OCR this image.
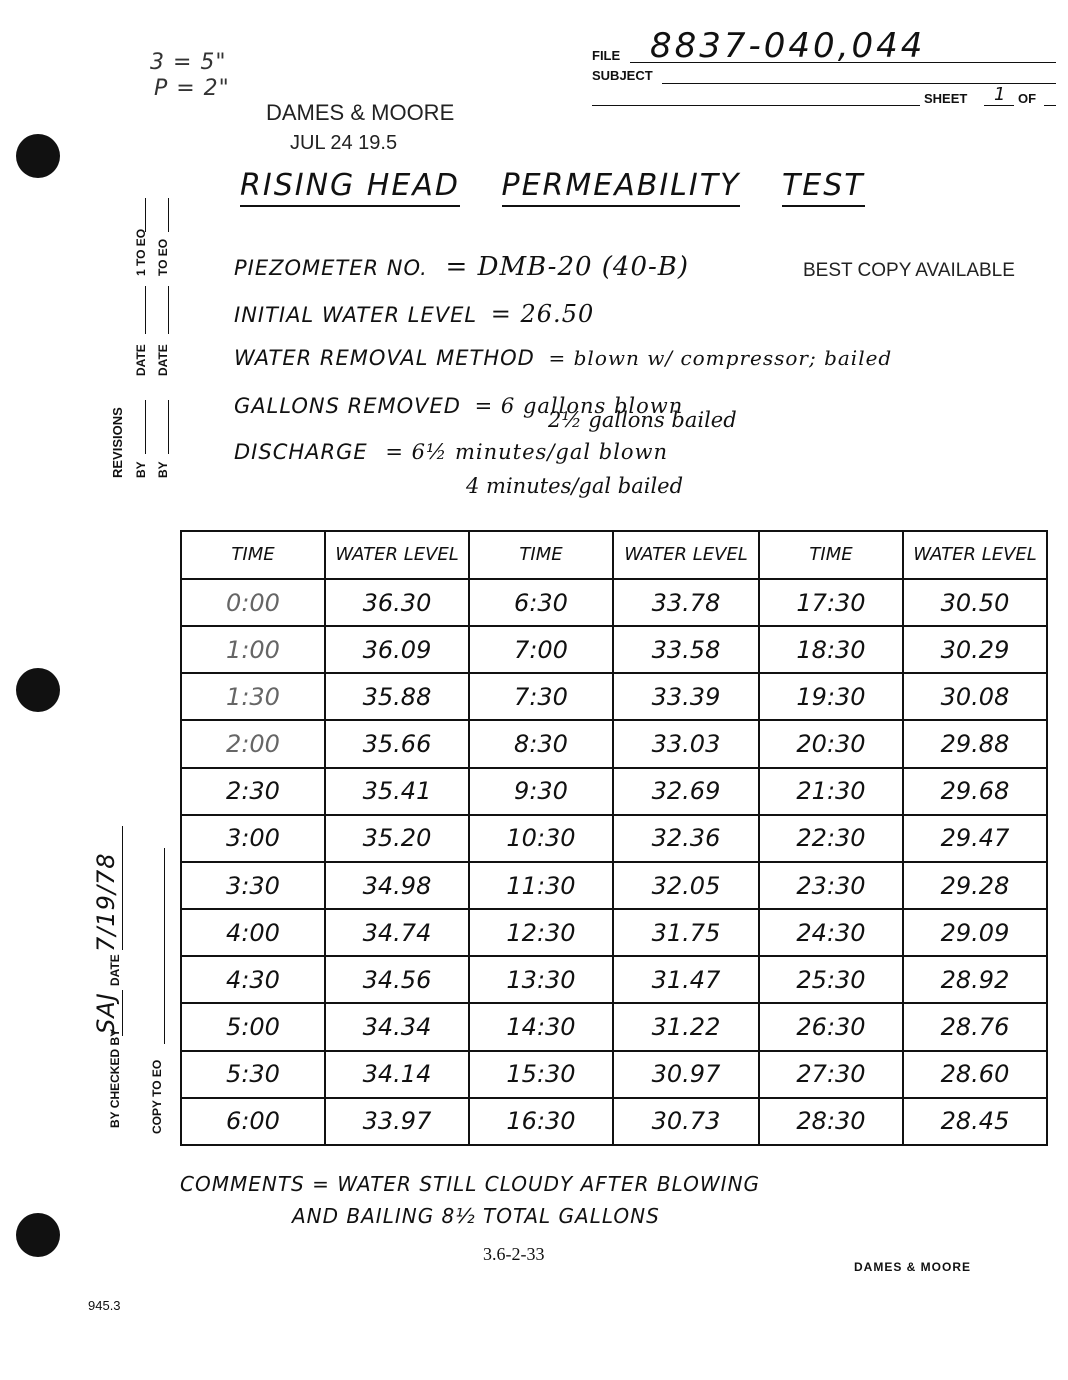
3 = 5"
P = 2"
FILE 8837-040,044
SUBJECT
SHEET 1 OF
DAMES & MOORE
JUL 24 19.5
RISING HEAD PERMEABILITY TEST
PIEZOMETER NO. = DMB-20 (40-B)	BEST COPY AVAILABLE
INITIAL WATER LEVEL = 26.50
WATER REMOVAL METHOD = blown w/ compressor; bailed
GALLONS REMOVED = 6 gallons blown
2½ gallons bailed
DISCHARGE = 6½ minutes/gal blown
4 minutes/gal bailed
REVISIONS BY
DATE
1 TO EO
BY
DATE
TO EO
BY CHECKED BY
SAJ
DATE
7/19/78
COPY TO EO
TIME	WATER LEVEL	TIME	WATER LEVEL	TIME	WATER LEVEL
0:00	36.30	6:30	33.78	17:30	30.50
1:00	36.09	7:00	33.58	18:30	30.29
1:30	35.88	7:30	33.39	19:30	30.08
2:00	35.66	8:30	33.03	20:30	29.88
2:30	35.41	9:30	32.69	21:30	29.68
3:00	35.20	10:30	32.36	22:30	29.47
3:30	34.98	11:30	32.05	23:30	29.28
4:00	34.74	12:30	31.75	24:30	29.09
4:30	34.56	13:30	31.47	25:30	28.92
5:00	34.34	14:30	31.22	26:30	28.76
5:30	34.14	15:30	30.97	27:30	28.60
6:00	33.97	16:30	30.73	28:30	28.45
COMMENTS = WATER STILL CLOUDY AFTER BLOWING
AND BAILING 8½ TOTAL GALLONS
3.6-2-33
DAMES & MOORE
945.3
